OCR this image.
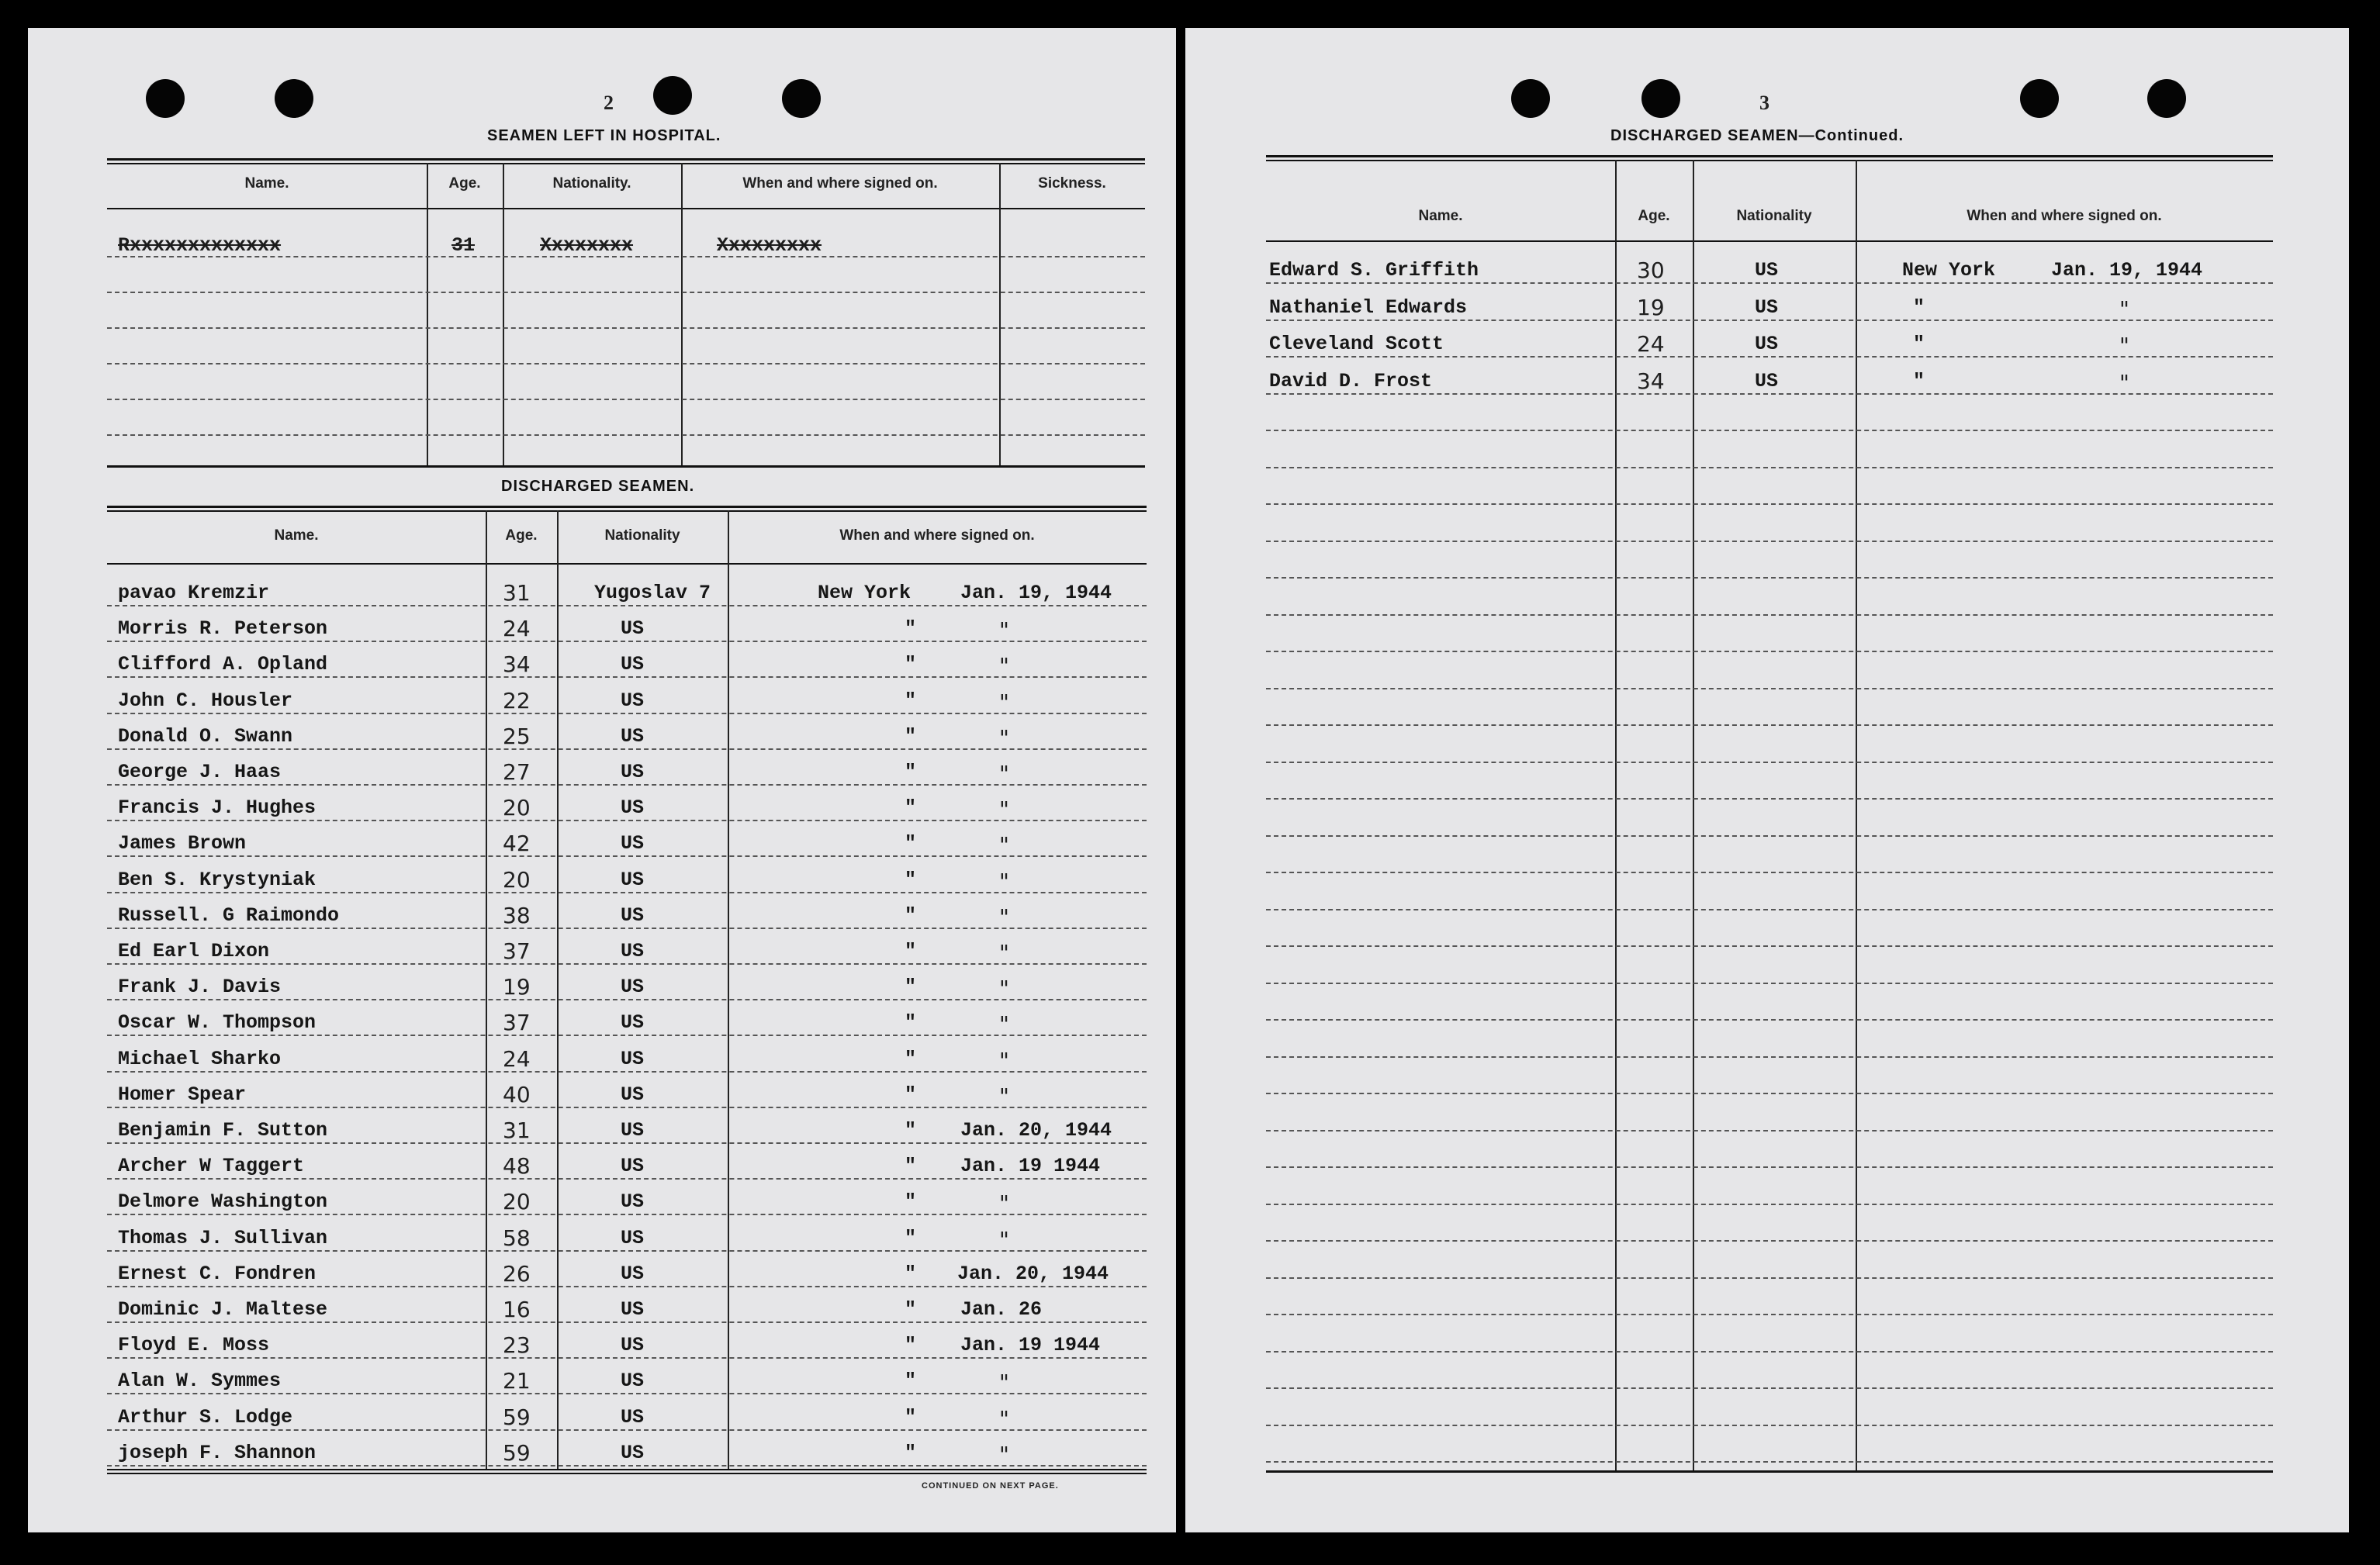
2
SEAMEN LEFT IN HOSPITAL.
Name.	Age.	Nationality.	When and where signed on.	Sickness.
Rxxxxxxxxxxxxx	31	Xxxxxxxx	Xxxxxxxxx
DISCHARGED SEAMEN.
Name.	Age.	Nationality	When and where signed on.
pavao Kremzir	31	Yugoslav 7	New York	Jan. 19, 1944
Morris R. Peterson	24	US	"	"
Clifford A. Opland	34	US	"	"
John C. Housler	22	US	"	"
Donald O. Swann	25	US	"	"
George J. Haas	27	US	"	"
Francis J. Hughes	20	US	"	"
James Brown	42	US	"	"
Ben S. Krystyniak	20	US	"	"
Russell. G Raimondo	38	US	"	"
Ed Earl Dixon	37	US	"	"
Frank J. Davis	19	US	"	"
Oscar W. Thompson	37	US	"	"
Michael Sharko	24	US	"	"
Homer Spear	40	US	"	"
Benjamin F. Sutton	31	US	" Jan. 20, 1944
Archer W Taggert	48	US	" Jan. 19 1944
Delmore Washington	20	US	"	"
Thomas J. Sullivan	58	US	"	"
Ernest C. Fondren	26	US	" Jan. 20, 1944
Dominic J. Maltese	16	US	" Jan. 26
Floyd E. Moss	23	US	" Jan. 19 1944
Alan W. Symmes	21	US	"	"
Arthur S. Lodge	59	US	"	"
joseph F. Shannon	59	US	"	"
CONTINUED ON NEXT PAGE.
3
DISCHARGED SEAMEN—Continued.
Name.	Age.	Nationality	When and where signed on.
Edward S. Griffith	30	US	New York	Jan. 19, 1944
Nathaniel Edwards	19	US	"	"
Cleveland Scott	24	US	"	"
David D. Frost	34	US	"	"
